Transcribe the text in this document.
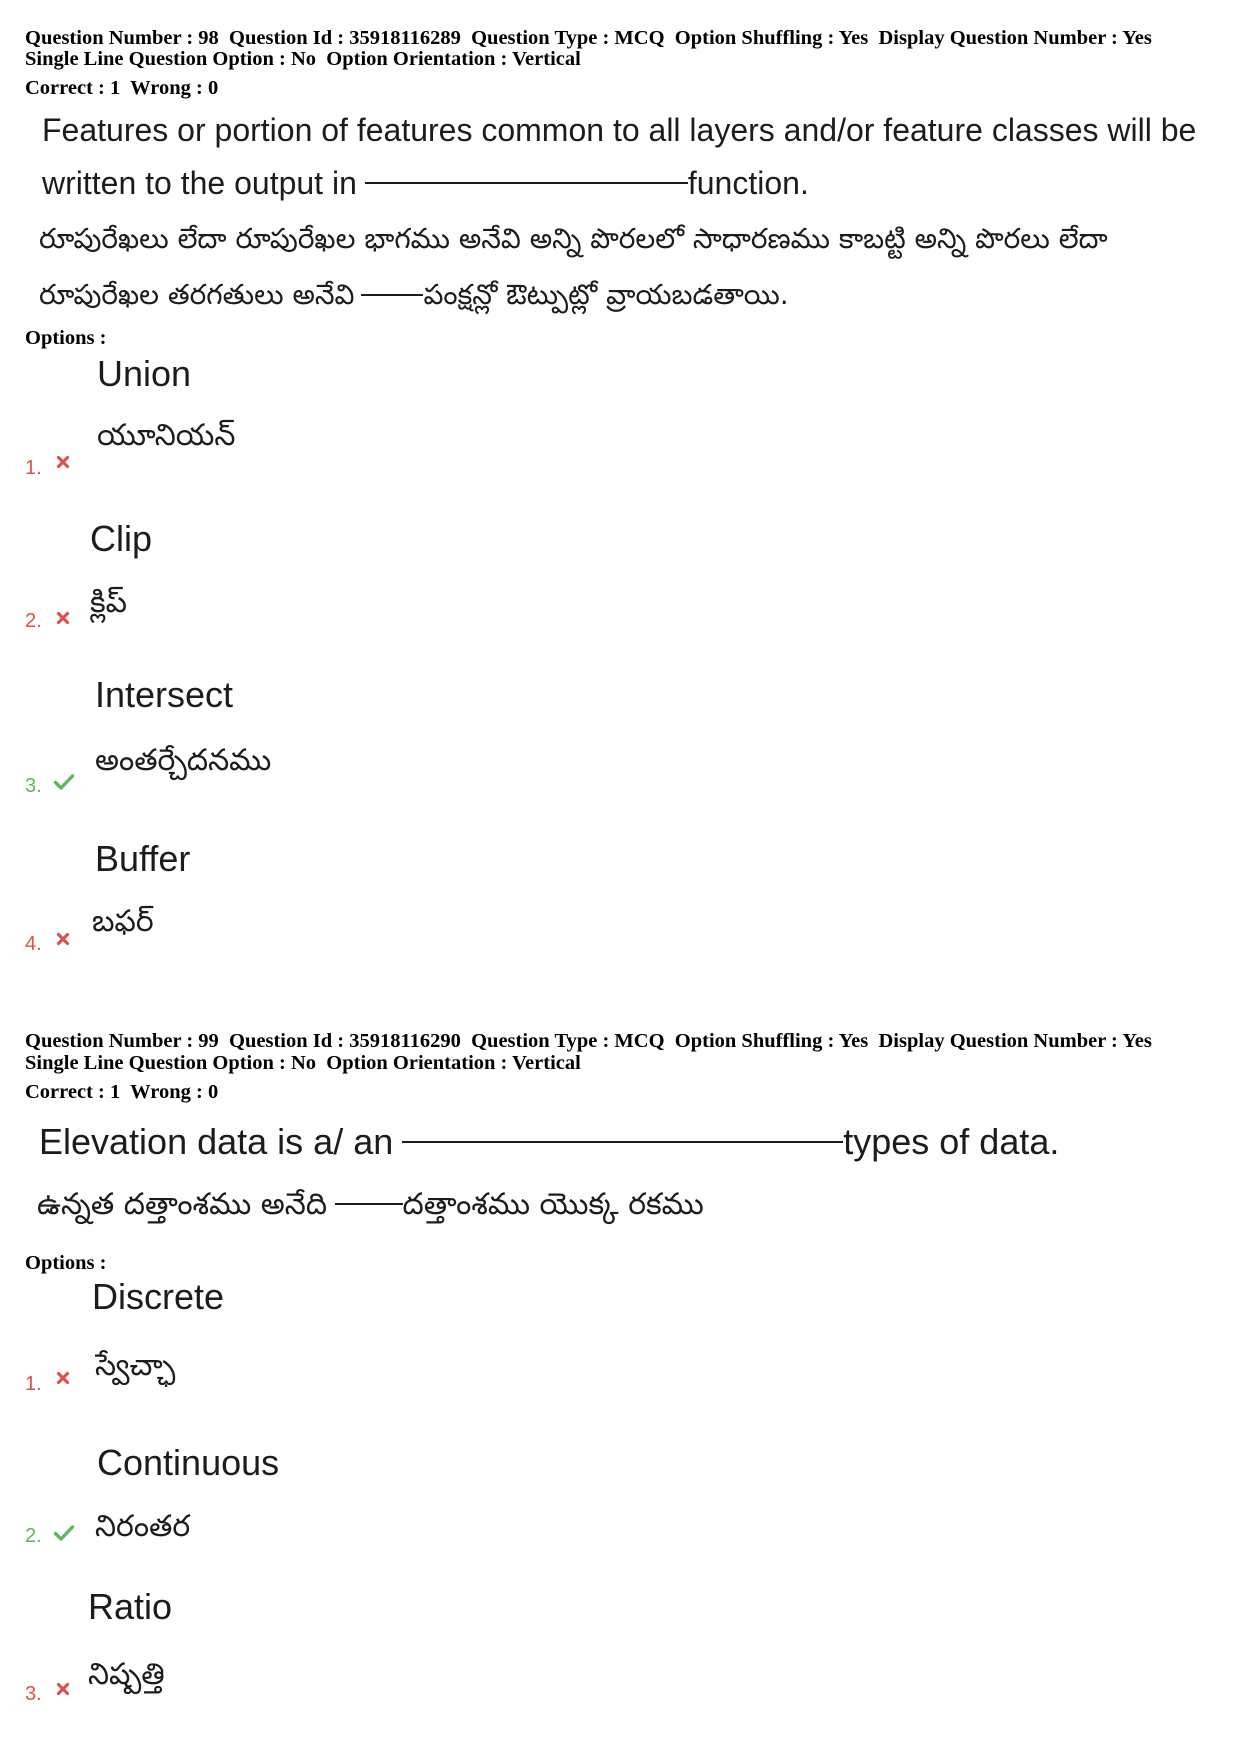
Question Number : 98  Question Id : 35918116289  Question Type : MCQ  Option Shuffling : Yes  Display Question Number : Yes
Single Line Question Option : No  Option Orientation : Vertical
Correct : 1  Wrong : 0
Features or portion of features common to all layers and/or feature classes will be
written to the output in	function.
రూపురేఖలు లేదా రూపురేఖల భాగము అనేవి అన్ని పొరలలో సాధారణము కాబట్టి అన్ని పొరలు లేదా
రూపురేఖల తరగతులు అనేవి పంక్షన్లో ఔట్పుట్లో వ్రాయబడతాయి.
Options :
Union
యూనియన్
1.
Clip
క్లిప్
2.
Intersect
అంతర్చేదనము
3.
Buffer
బఫర్
4.
Question Number : 99  Question Id : 35918116290  Question Type : MCQ  Option Shuffling : Yes  Display Question Number : Yes
Single Line Question Option : No  Option Orientation : Vertical
Correct : 1  Wrong : 0
Elevation data is a/ an	types of data.
ఉన్నత దత్తాంశము అనేది	దత్తాంశము యొక్క రకము
Options :
Discrete
స్వేచ్ఛా
1.
Continuous
నిరంతర
2.
Ratio
నిష్పత్తి
3.
